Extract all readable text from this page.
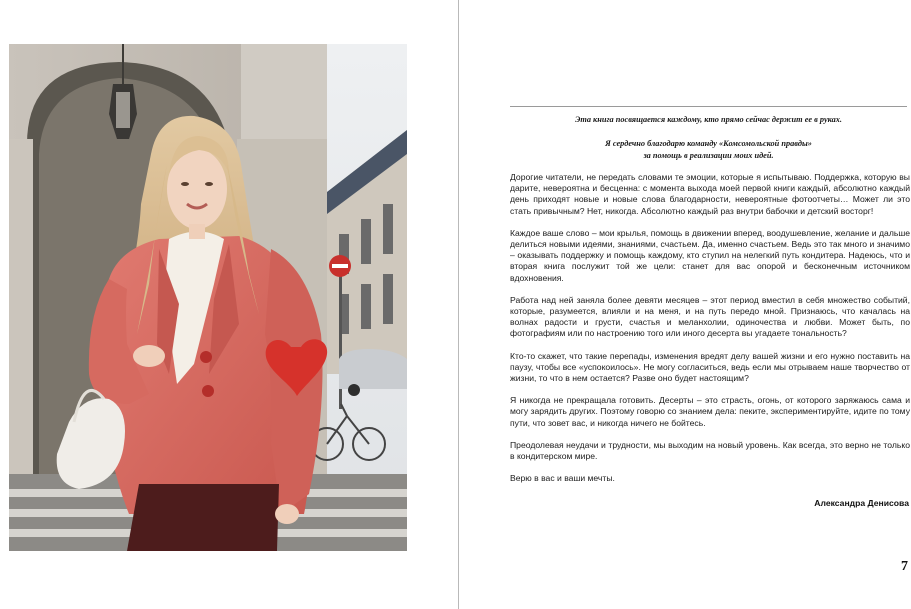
Эта книга посвящается каждому, кто прямо сейчас держит ее в руках.
Я сердечно благодарю команду «Комсомольской правды»
за помощь в реализации моих идей.

Дорогие читатели, не передать словами те эмоции, которые я испытываю. Поддержка, которую вы дарите, невероятна и бесценна: с момента выхода моей первой книги каждый, абсолютно каждый день приходят новые и новые слова благодарности, невероятные фотоотчеты… Может ли это стать привычным? Нет, никогда. Абсолютно каждый раз внутри бабочки и детский восторг!

Каждое ваше слово – мои крылья, помощь в движении вперед, воодушевление, желание и дальше делиться новыми идеями, знаниями, счастьем. Да, именно счастьем. Ведь это так много и значимо – оказывать поддержку и помощь каждому, кто ступил на нелегкий путь кондитера. Надеюсь, что и вторая книга послужит той же цели: станет для вас опорой и бесконечным источником вдохновения.

Работа над ней заняла более девяти месяцев – этот период вместил в себя множество событий, которые, разумеется, влияли и на меня, и на путь передо мной. Признаюсь, что качалась на волнах радости и грусти, счастья и меланхолии, одиночества и любви. Может быть, по фотографиям или по настроению того или иного десерта вы угадаете тональность?

Кто-то скажет, что такие перепады, изменения вредят делу вашей жизни и его нужно поставить на паузу, чтобы все «успокоилось». Не могу согласиться, ведь если мы отрываем наше творчество от жизни, то что в нем остается? Разве оно будет настоящим?

Я никогда не прекращала готовить. Десерты – это страсть, огонь, от которого заряжаюсь сама и могу зарядить других. Поэтому говорю со знанием дела: пеките, экспериментируйте, идите по тому пути, что зовет вас, и никогда ничего не бойтесь.

Преодолевая неудачи и трудности, мы выходим на новый уровень. Как всегда, это верно не только в кондитерском мире.

Верю в вас и ваши мечты.

Александра Денисова
7
